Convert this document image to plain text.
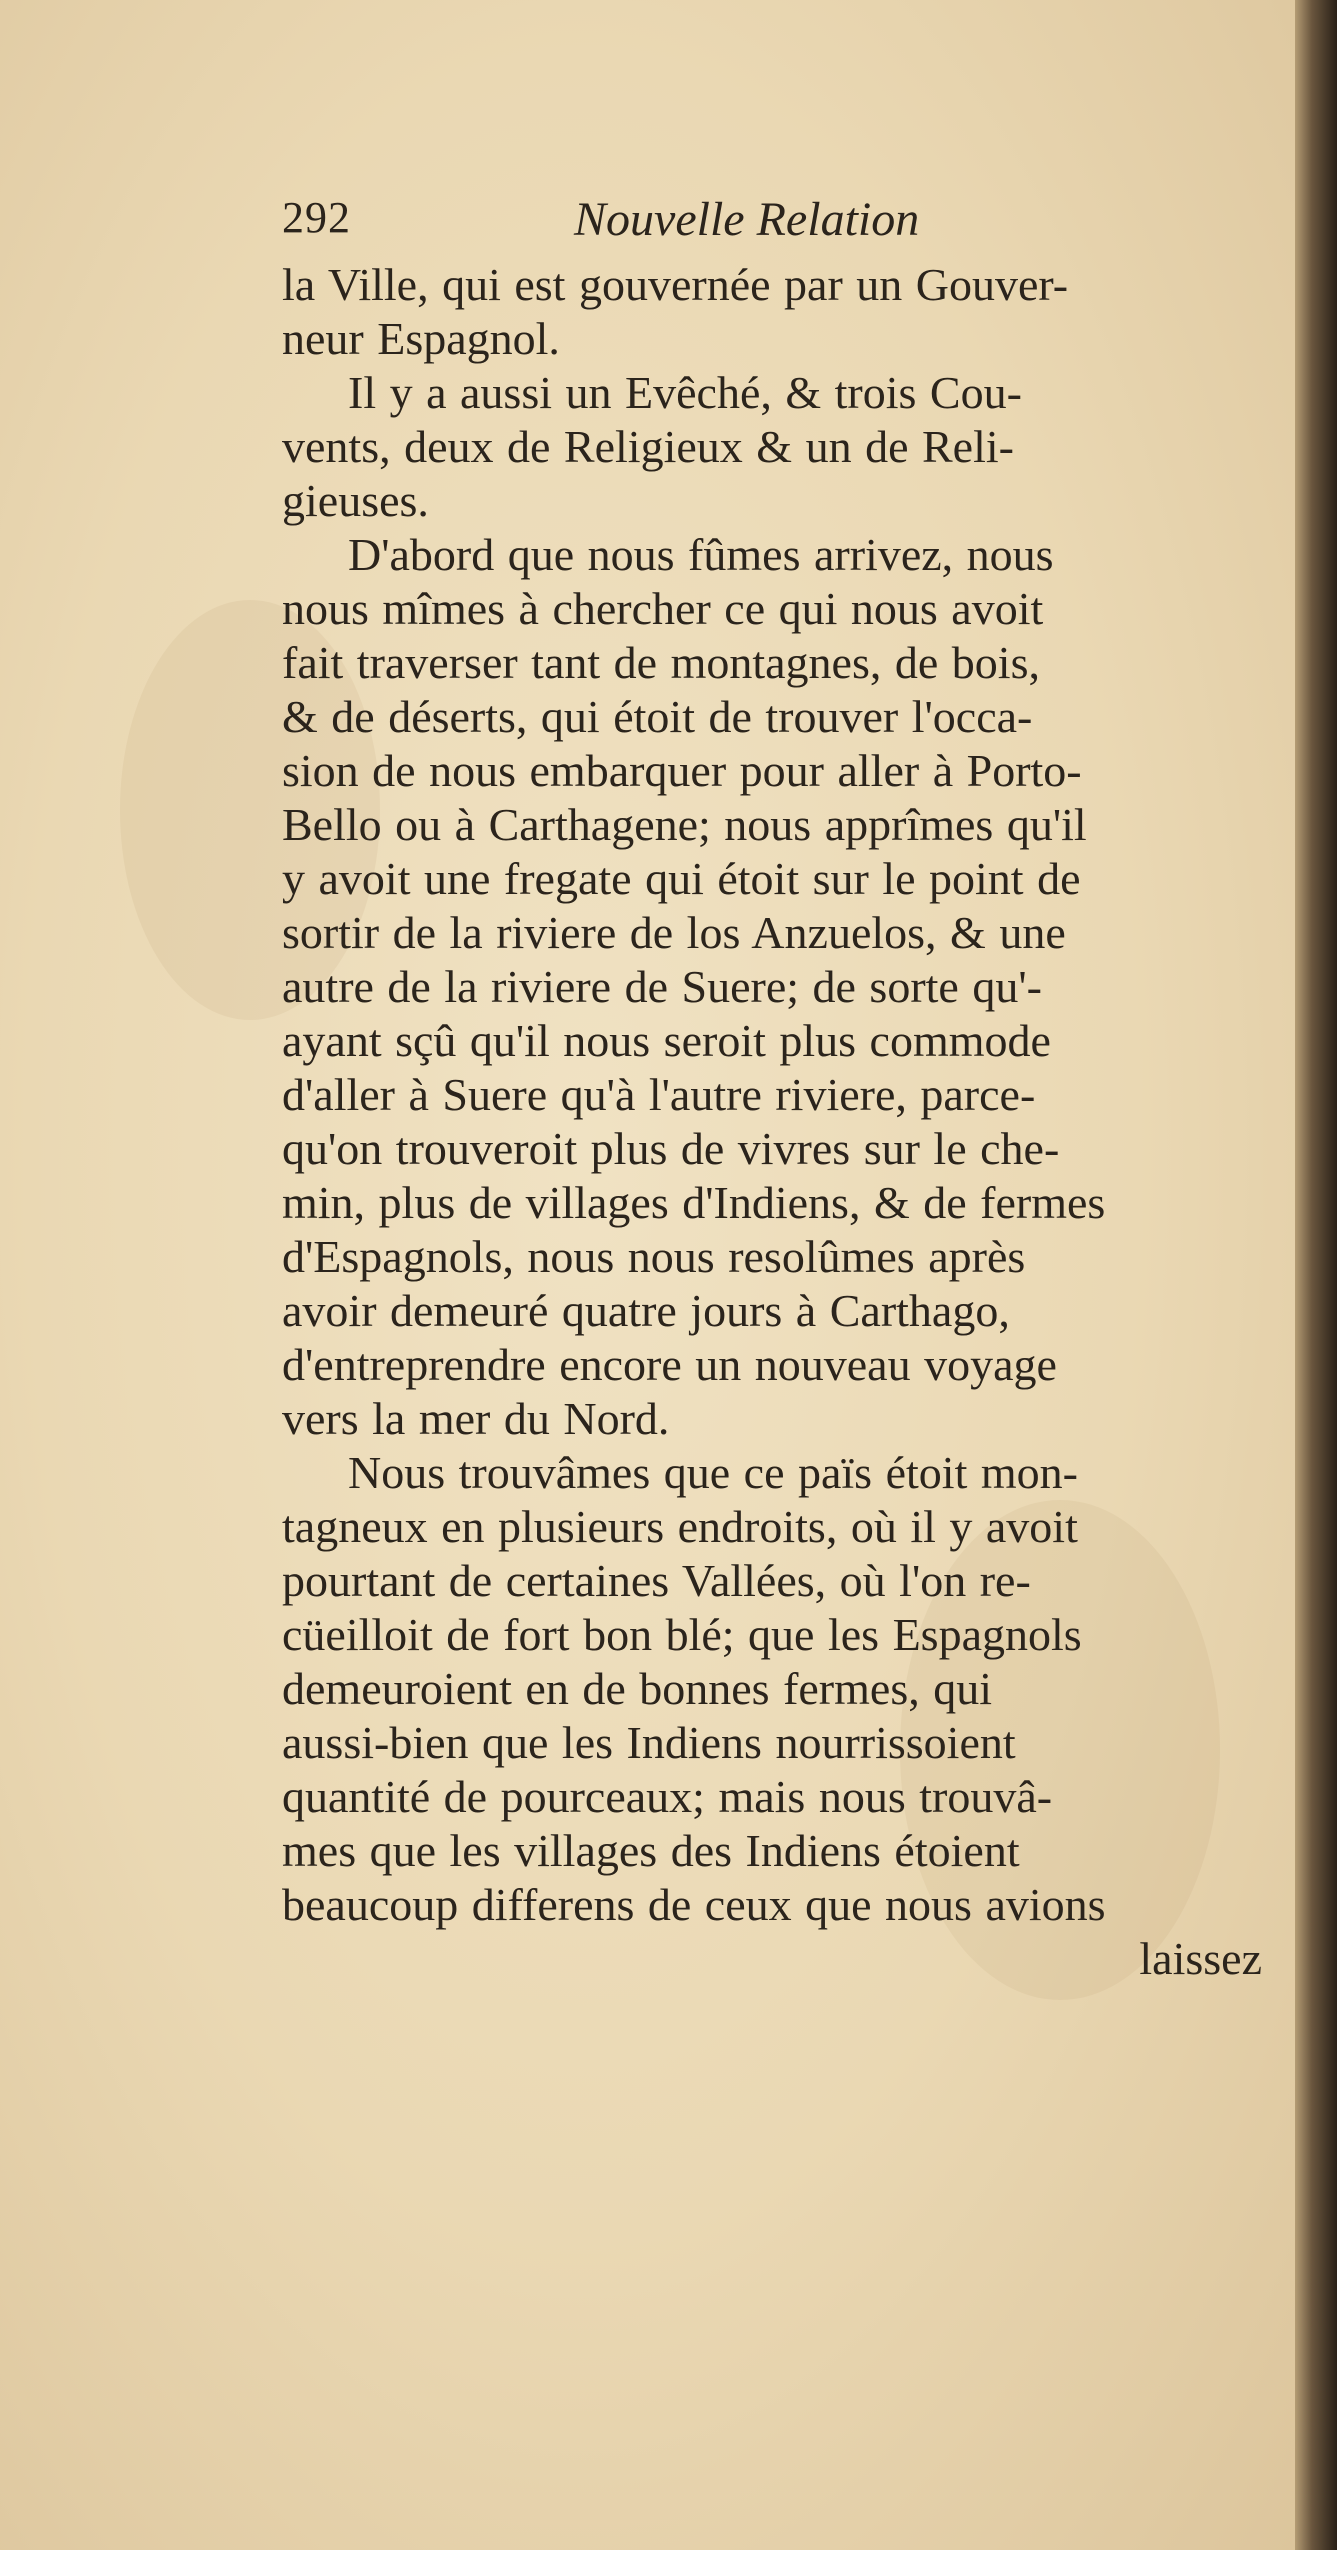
292	Nouvelle Relation
la Ville, qui est gouvernée par un Gouver-
neur Espagnol.
Il y a aussi un Evêché, & trois Cou-
vents, deux de Religieux & un de Reli-
gieuses.
D'abord que nous fûmes arrivez, nous
nous mîmes à chercher ce qui nous avoit
fait traverser tant de montagnes, de bois,
& de déserts, qui étoit de trouver l'occa-
sion de nous embarquer pour aller à Porto-
Bello ou à Carthagene; nous apprîmes qu'il
y avoit une fregate qui étoit sur le point de
sortir de la riviere de los Anzuelos, & une
autre de la riviere de Suere; de sorte qu'-
ayant sçû qu'il nous seroit plus commode
d'aller à Suere qu'à l'autre riviere, parce-
qu'on trouveroit plus de vivres sur le che-
min, plus de villages d'Indiens, & de fermes
d'Espagnols, nous nous resolûmes après
avoir demeuré quatre jours à Carthago,
d'entreprendre encore un nouveau voyage
vers la mer du Nord.
Nous trouvâmes que ce païs étoit mon-
tagneux en plusieurs endroits, où il y avoit
pourtant de certaines Vallées, où l'on re-
cüeilloit de fort bon blé; que les Espagnols
demeuroient en de bonnes fermes, qui
aussi-bien que les Indiens nourrissoient
quantité de pourceaux; mais nous trouvâ-
mes que les villages des Indiens étoient
beaucoup differens de ceux que nous avions
laissez
